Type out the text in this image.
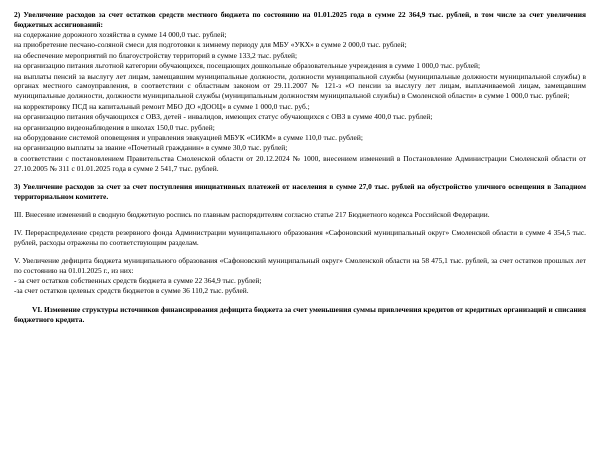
2) Увеличение расходов за счет остатков средств местного бюджета по состоянию на 01.01.2025 года в сумме 22 364,9 тыс. рублей, в том числе за счет увеличения бюджетных ассигнований:

на содержание дорожного хозяйства в сумме 14 000,0 тыс. рублей;

на приобретение песчано-соляной смеси для подготовки к зимнему периоду для МБУ «УКХ» в сумме 2 000,0 тыс. рублей;

на обеспечение мероприятий по благоустройству территорий в сумме 133,2 тыс. рублей;

на организацию питания льготной категории обучающихся, посещающих дошкольные образовательные учреждения в сумме 1 000,0 тыс. рублей;

на выплаты пенсий за выслугу лет лицам, замещавшим муниципальные должности, должности муниципальной службы (муниципальные должности муниципальной службы) в органах местного самоуправления, в соответствии с областным законом от 29.11.2007 № 121-з «О пенсии за выслугу лет лицам, выплачиваемой лицам, замещавшим муниципальные должности, должности муниципальной службы (муниципальным должностям муниципальной службы) в Смоленской области» в сумме 1 000,0 тыс. рублей;

на корректировку ПСД на капитальный ремонт МБО ДО «ДООЦ» в сумме 1 000,0 тыс. руб.;

на организацию питания обучающихся с ОВЗ, детей - инвалидов, имеющих статус обучающихся с ОВЗ в сумме 400,0 тыс. рублей;

на организацию видеонаблюдения в школах 150,0 тыс. рублей;

на оборудование системой оповещения и управления эвакуацией МБУК «СИКМ» в сумме 110,0 тыс. рублей;

на организацию выплаты за звание «Почетный гражданин» в сумме 30,0 тыс. рублей;

в соответствии с постановлением Правительства Смоленской области от 20.12.2024 № 1000, внесением изменений в Постановление Администрации Смоленской области от 27.10.2005 № 311 с 01.01.2025 года в сумме 2 541,7 тыс. рублей.

3) Увеличение расходов за счет за счет поступления инициативных платежей от населения в сумме 27,0 тыс. рублей на обустройство уличного освещения в Западном территориальном комитете.

III. Внесение изменений в сводную бюджетную роспись по главным распорядителям согласно статье 217 Бюджетного кодекса Российской Федерации.

IV. Перераспределение средств резервного фонда Администрации муниципального образования «Сафоновский муниципальный округ» Смоленской области в сумме 4 354,5 тыс. рублей, расходы отражены по соответствующим разделам.

V. Увеличение дефицита бюджета муниципального образования «Сафоновский муниципальный округ» Смоленской области на 58 475,1 тыс. рублей, за счет остатков прошлых лет по состоянию на 01.01.2025 г., из них:

- за счет остатков собственных средств бюджета в сумме 22 364,9 тыс. рублей;

-за счет остатков целевых средств бюджетов в сумме 36 110,2 тыс. рублей.

VI. Изменение структуры источников финансирования дефицита бюджета за счет уменьшения суммы привлечения кредитов от кредитных организаций и списания бюджетного кредита.
